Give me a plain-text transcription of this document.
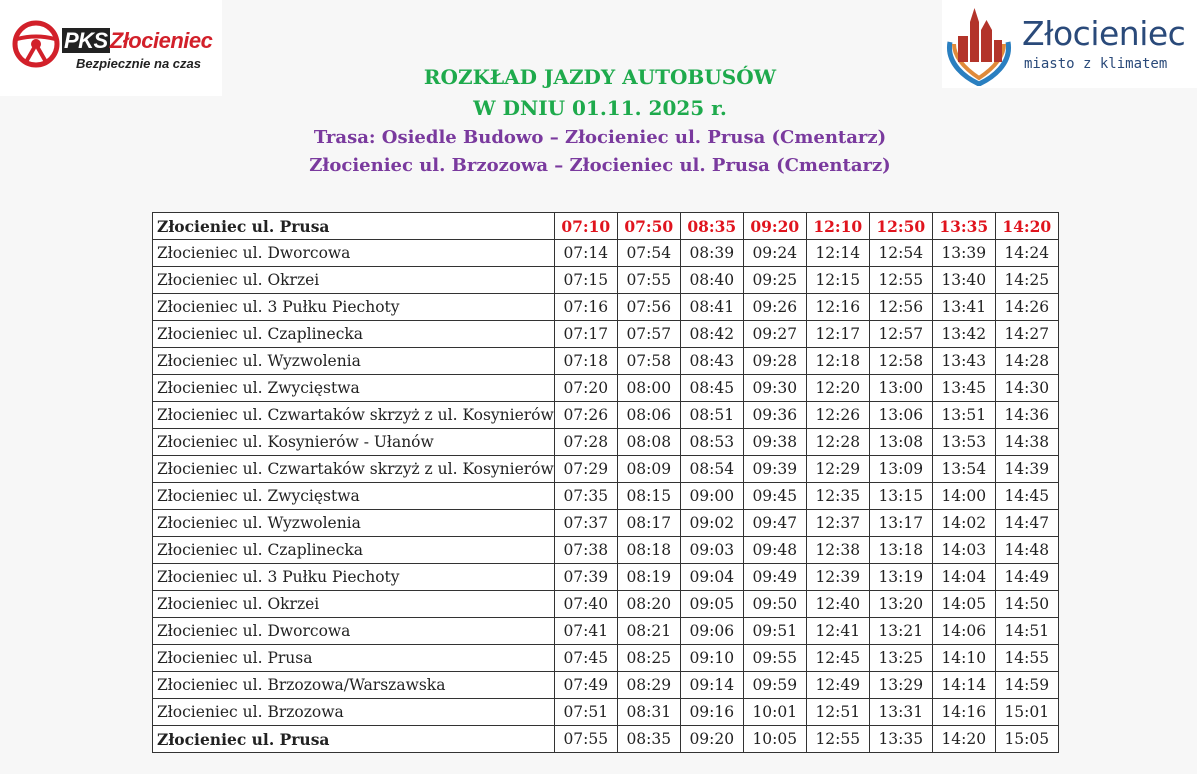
PKSZłocieniec
Bezpiecznie na czas
Złocieniec
miasto z klimatem
ROZKŁAD JAZDY AUTOBUSÓW
W DNIU 01.11. 2025 r.
Trasa: Osiedle Budowo – Złocieniec ul. Prusa (Cmentarz)
Złocieniec ul. Brzozowa – Złocieniec ul. Prusa (Cmentarz)
Złocieniec ul. Prusa	07:10	07:50	08:35	09:20	12:10	12:50	13:35	14:20
Złocieniec ul. Dworcowa	07:14	07:54	08:39	09:24	12:14	12:54	13:39	14:24
Złocieniec ul. Okrzei	07:15	07:55	08:40	09:25	12:15	12:55	13:40	14:25
Złocieniec ul. 3 Pułku Piechoty	07:16	07:56	08:41	09:26	12:16	12:56	13:41	14:26
Złocieniec ul. Czaplinecka	07:17	07:57	08:42	09:27	12:17	12:57	13:42	14:27
Złocieniec ul. Wyzwolenia	07:18	07:58	08:43	09:28	12:18	12:58	13:43	14:28
Złocieniec ul. Zwycięstwa	07:20	08:00	08:45	09:30	12:20	13:00	13:45	14:30
Złocieniec ul. Czwartaków skrzyż z ul. Kosynierów	07:26	08:06	08:51	09:36	12:26	13:06	13:51	14:36
Złocieniec ul. Kosynierów - Ułanów	07:28	08:08	08:53	09:38	12:28	13:08	13:53	14:38
Złocieniec ul. Czwartaków skrzyż z ul. Kosynierów	07:29	08:09	08:54	09:39	12:29	13:09	13:54	14:39
Złocieniec ul. Zwycięstwa	07:35	08:15	09:00	09:45	12:35	13:15	14:00	14:45
Złocieniec ul. Wyzwolenia	07:37	08:17	09:02	09:47	12:37	13:17	14:02	14:47
Złocieniec ul. Czaplinecka	07:38	08:18	09:03	09:48	12:38	13:18	14:03	14:48
Złocieniec ul. 3 Pułku Piechoty	07:39	08:19	09:04	09:49	12:39	13:19	14:04	14:49
Złocieniec ul. Okrzei	07:40	08:20	09:05	09:50	12:40	13:20	14:05	14:50
Złocieniec ul. Dworcowa	07:41	08:21	09:06	09:51	12:41	13:21	14:06	14:51
Złocieniec ul. Prusa	07:45	08:25	09:10	09:55	12:45	13:25	14:10	14:55
Złocieniec ul. Brzozowa/Warszawska	07:49	08:29	09:14	09:59	12:49	13:29	14:14	14:59
Złocieniec ul. Brzozowa	07:51	08:31	09:16	10:01	12:51	13:31	14:16	15:01
Złocieniec ul. Prusa	07:55	08:35	09:20	10:05	12:55	13:35	14:20	15:05
